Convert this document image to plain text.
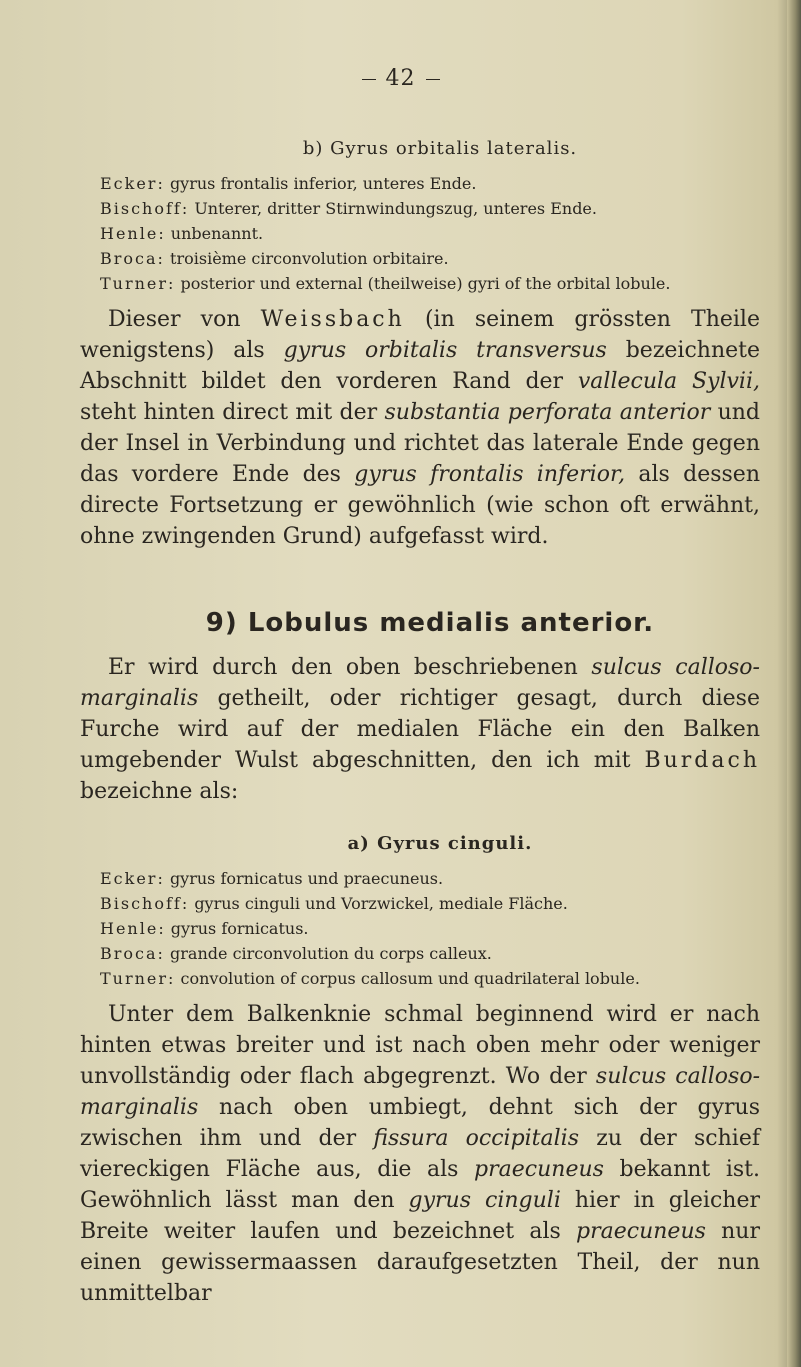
42
b) Gyrus orbitalis lateralis.
Ecker: gyrus frontalis inferior, unteres Ende.
Bischoff: Unterer, dritter Stirnwindungszug, unteres Ende.
Henle: unbenannt.
Broca: troisième circonvolution orbitaire.
Turner: posterior und external (theilweise) gyri of the orbital lobule.

Dieser von Weissbach (in seinem grössten Theile wenigstens) als gyrus orbitalis transversus bezeichnete Abschnitt bildet den vorderen Rand der vallecula Sylvii, steht hinten direct mit der substantia perforata anterior und der Insel in Verbindung und richtet das laterale Ende gegen das vordere Ende des gyrus frontalis inferior, als dessen directe Fortsetzung er gewöhnlich (wie schon oft erwähnt, ohne zwingenden Grund) aufgefasst wird.

9) Lobulus medialis anterior.

Er wird durch den oben beschriebenen sulcus calloso-marginalis getheilt, oder richtiger gesagt, durch diese Furche wird auf der medialen Fläche ein den Balken umgebender Wulst abgeschnitten, den ich mit Burdach bezeichne als:

a) Gyrus cinguli.
Ecker: gyrus fornicatus und praecuneus.
Bischoff: gyrus cinguli und Vorzwickel, mediale Fläche.
Henle: gyrus fornicatus.
Broca: grande circonvolution du corps calleux.
Turner: convolution of corpus callosum und quadrilateral lobule.

Unter dem Balkenknie schmal beginnend wird er nach hinten etwas breiter und ist nach oben mehr oder weniger unvollständig oder flach abgegrenzt. Wo der sulcus calloso-marginalis nach oben umbiegt, dehnt sich der gyrus zwischen ihm und der fissura occipitalis zu der schief viereckigen Fläche aus, die als praecuneus bekannt ist. Gewöhnlich lässt man den gyrus cinguli hier in gleicher Breite weiter laufen und bezeichnet als praecuneus nur einen gewissermaassen daraufgesetzten Theil, der nun unmittelbar
